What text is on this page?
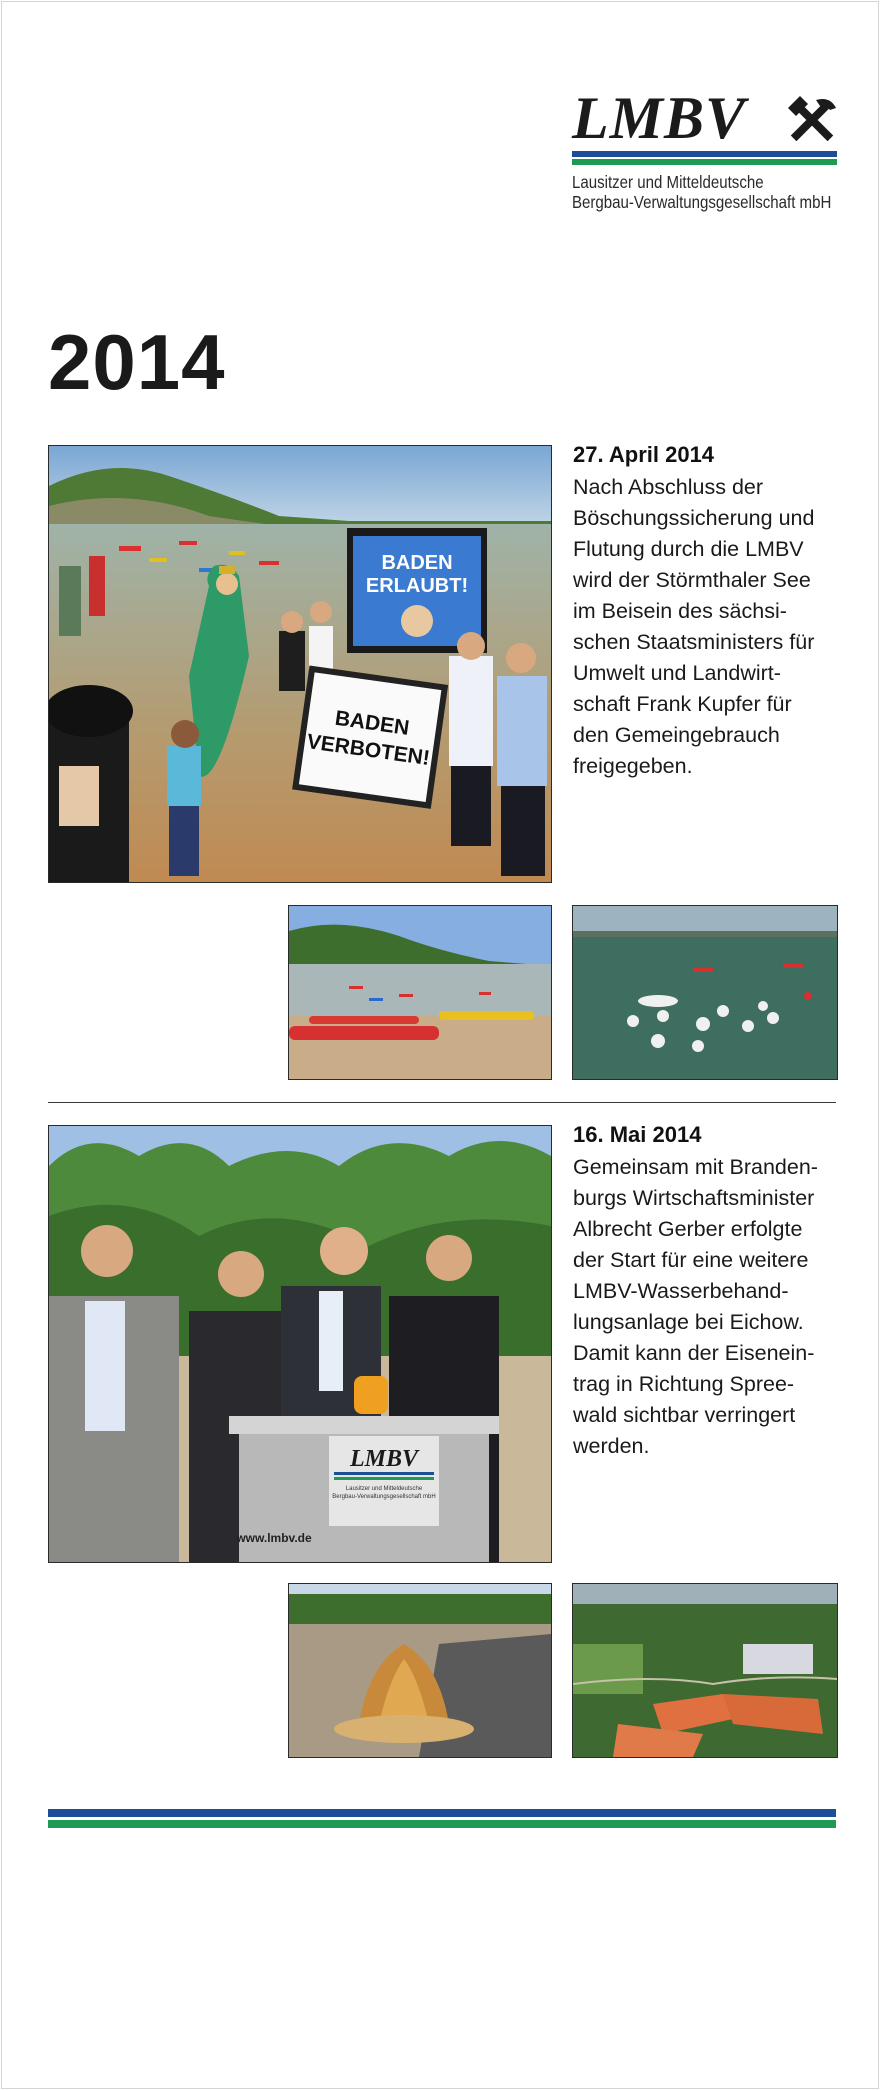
LMBV
Lausitzer und Mitteldeutsche
Bergbau-Verwaltungsgesellschaft mbH
2014
BADEN
ERLAUBT!
BADEN
VERBOTEN!
27. April 2014
Nach Abschluss der
Böschungssicherung und
Flutung durch die LMBV
wird der Störmthaler See
im Beisein des sächsi-
schen Staatsministers für
Umwelt und Landwirt-
schaft Frank Kupfer für
den Gemeingebrauch
freigegeben.
LMBV
Lausitzer und Mitteldeutsche
Bergbau-Verwaltungsgesellschaft mbH
www.lmbv.de
16. Mai 2014
Gemeinsam mit Branden-
burgs Wirtschaftsminister
Albrecht Gerber erfolgte
der Start für eine weitere
LMBV-Wasserbehand-
lungsanlage bei Eichow.
Damit kann der Eisenein-
trag in Richtung Spree-
wald sichtbar verringert
werden.
